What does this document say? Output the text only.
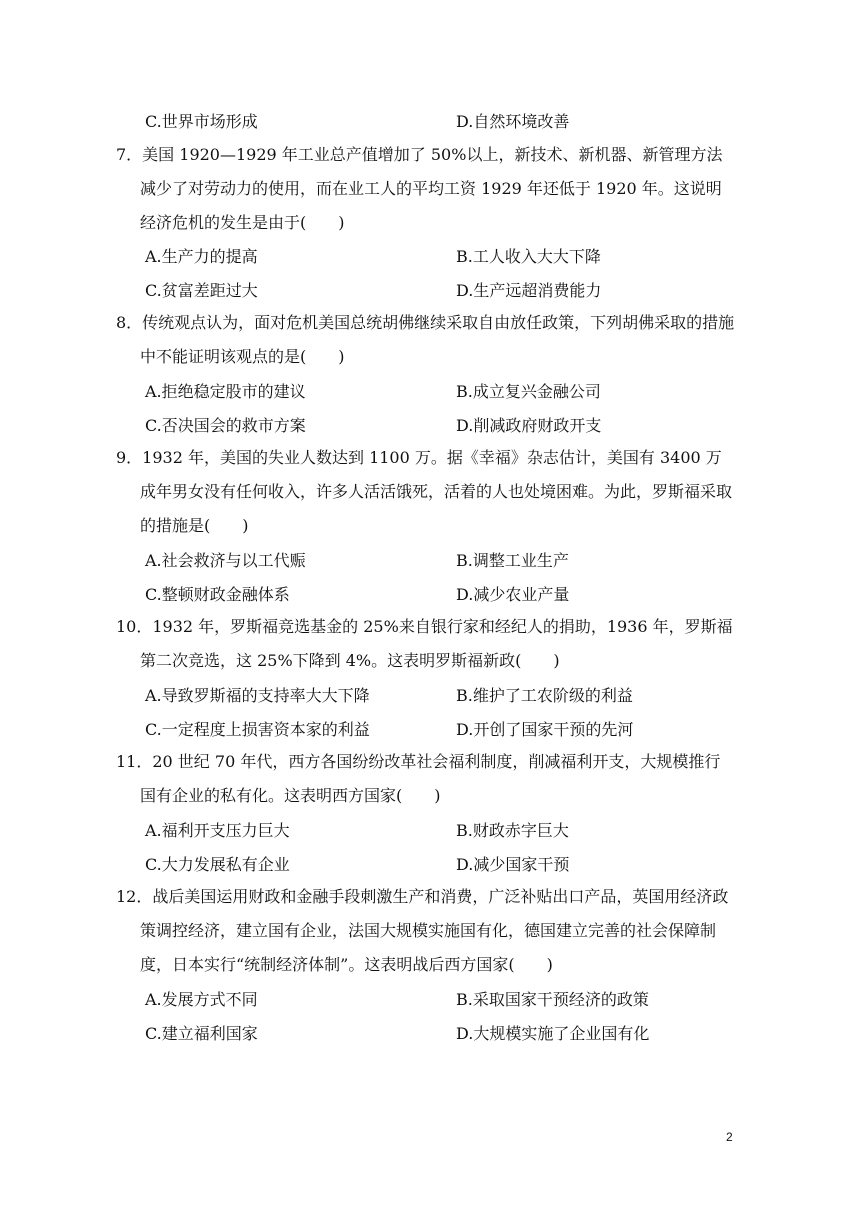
C.世界市场形成	D.自然环境改善

7．美国 1920—1929 年工业总产值增加了 50%以上，新技术、新机器、新管理方法减少了对劳动力的使用，而在业工人的平均工资 1929 年还低于 1920 年。这说明经济危机的发生是由于(　　)

A.生产力的提高	B.工人收入大大下降
C.贫富差距过大	D.生产远超消费能力

8．传统观点认为，面对危机美国总统胡佛继续采取自由放任政策，下列胡佛采取的措施中不能证明该观点的是(　　)

A.拒绝稳定股市的建议	B.成立复兴金融公司
C.否决国会的救市方案	D.削减政府财政开支

9．1932 年，美国的失业人数达到 1100 万。据《幸福》杂志估计，美国有 3400 万成年男女没有任何收入，许多人活活饿死，活着的人也处境困难。为此，罗斯福采取的措施是(　　)

A.社会救济与以工代赈	B.调整工业生产
C.整顿财政金融体系	D.减少农业产量

10．1932 年，罗斯福竞选基金的 25%来自银行家和经纪人的捐助，1936 年，罗斯福第二次竞选，这 25%下降到 4%。这表明罗斯福新政(　　)

A.导致罗斯福的支持率大大下降	B.维护了工农阶级的利益
C.一定程度上损害资本家的利益	D.开创了国家干预的先河

11．20 世纪 70 年代，西方各国纷纷改革社会福利制度，削减福利开支，大规模推行国有企业的私有化。这表明西方国家(　　)

A.福利开支压力巨大	B.财政赤字巨大
C.大力发展私有企业	D.减少国家干预

12．战后美国运用财政和金融手段刺激生产和消费，广泛补贴出口产品，英国用经济政策调控经济，建立国有企业，法国大规模实施国有化，德国建立完善的社会保障制度，日本实行“统制经济体制”。这表明战后西方国家(　　)

A.发展方式不同	B.采取国家干预经济的政策
C.建立福利国家	D.大规模实施了企业国有化
2
